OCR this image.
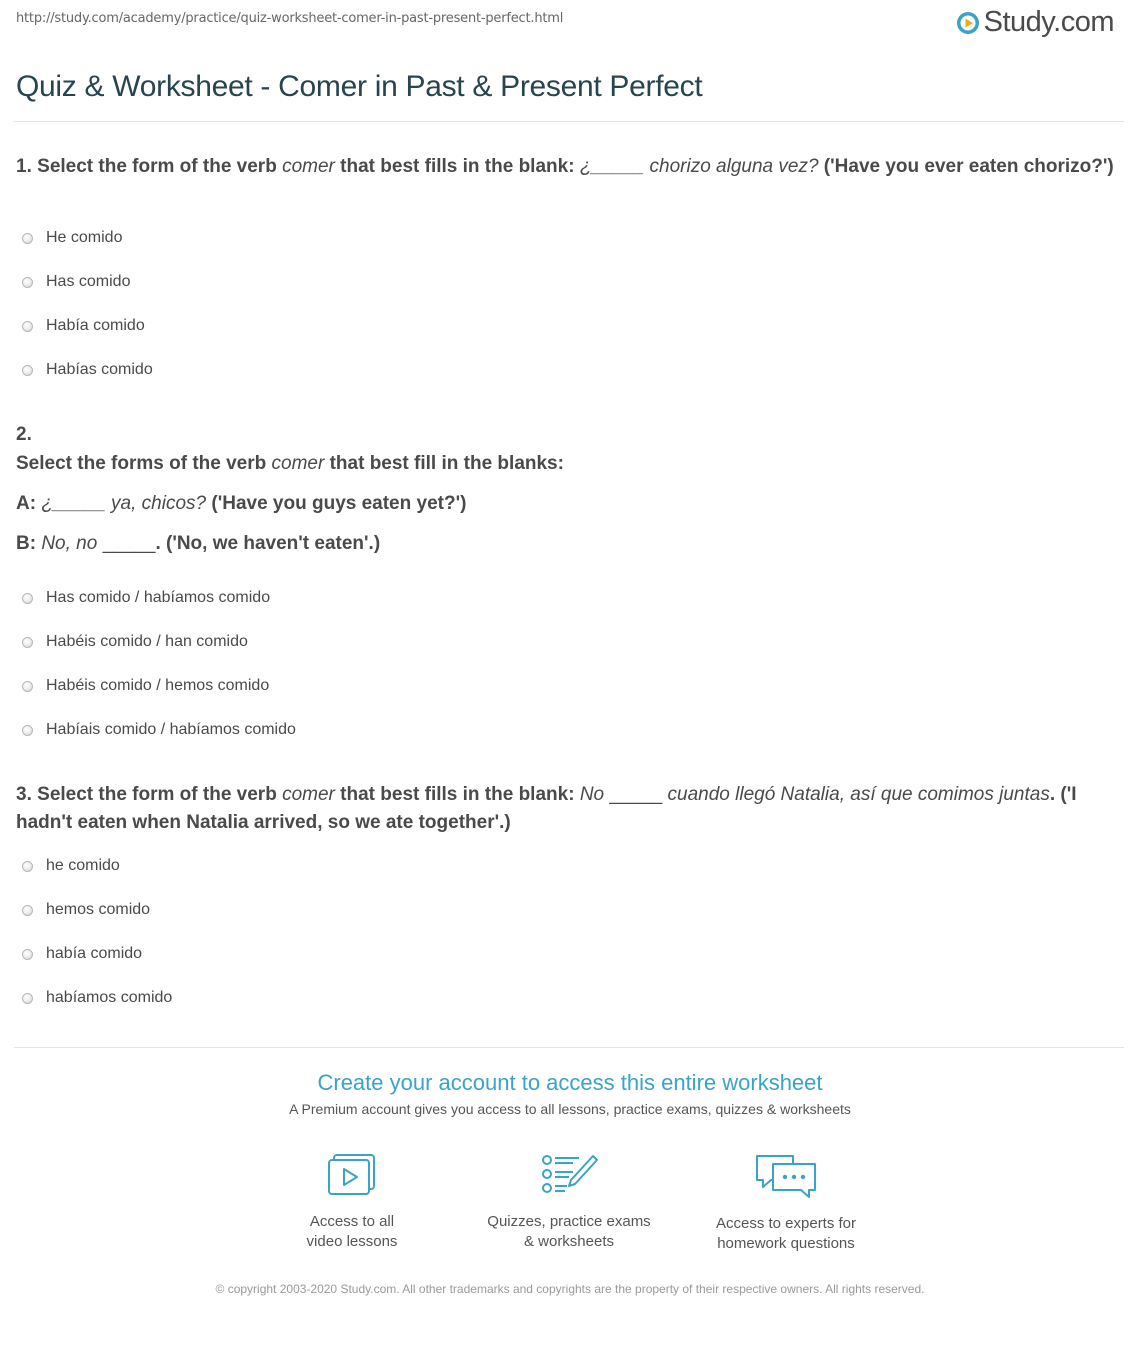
http://study.com/academy/practice/quiz-worksheet-comer-in-past-present-perfect.html	Study.com
Quiz & Worksheet - Comer in Past & Present Perfect
1. Select the form of the verb comer that best fills in the blank: ¿_____ chorizo alguna vez? ('Have you ever eaten chorizo?')
He comido
Has comido
Había comido
Habías comido
2.
Select the forms of the verb comer that best fill in the blanks:
A: ¿_____ ya, chicos? ('Have you guys eaten yet?')
B: No, no _____. ('No, we haven't eaten'.)
Has comido / habíamos comido
Habéis comido / han comido
Habéis comido / hemos comido
Habíais comido / habíamos comido
3. Select the form of the verb comer that best fills in the blank: No _____ cuando llegó Natalia, así que comimos juntas. ('I hadn't eaten when Natalia arrived, so we ate together'.)
he comido
hemos comido
había comido
habíamos comido
Create your account to access this entire worksheet
A Premium account gives you access to all lessons, practice exams, quizzes & worksheets
Access to all
video lessons
Quizzes, practice exams
& worksheets
Access to experts for
homework questions
© copyright 2003-2020 Study.com. All other trademarks and copyrights are the property of their respective owners. All rights reserved.
